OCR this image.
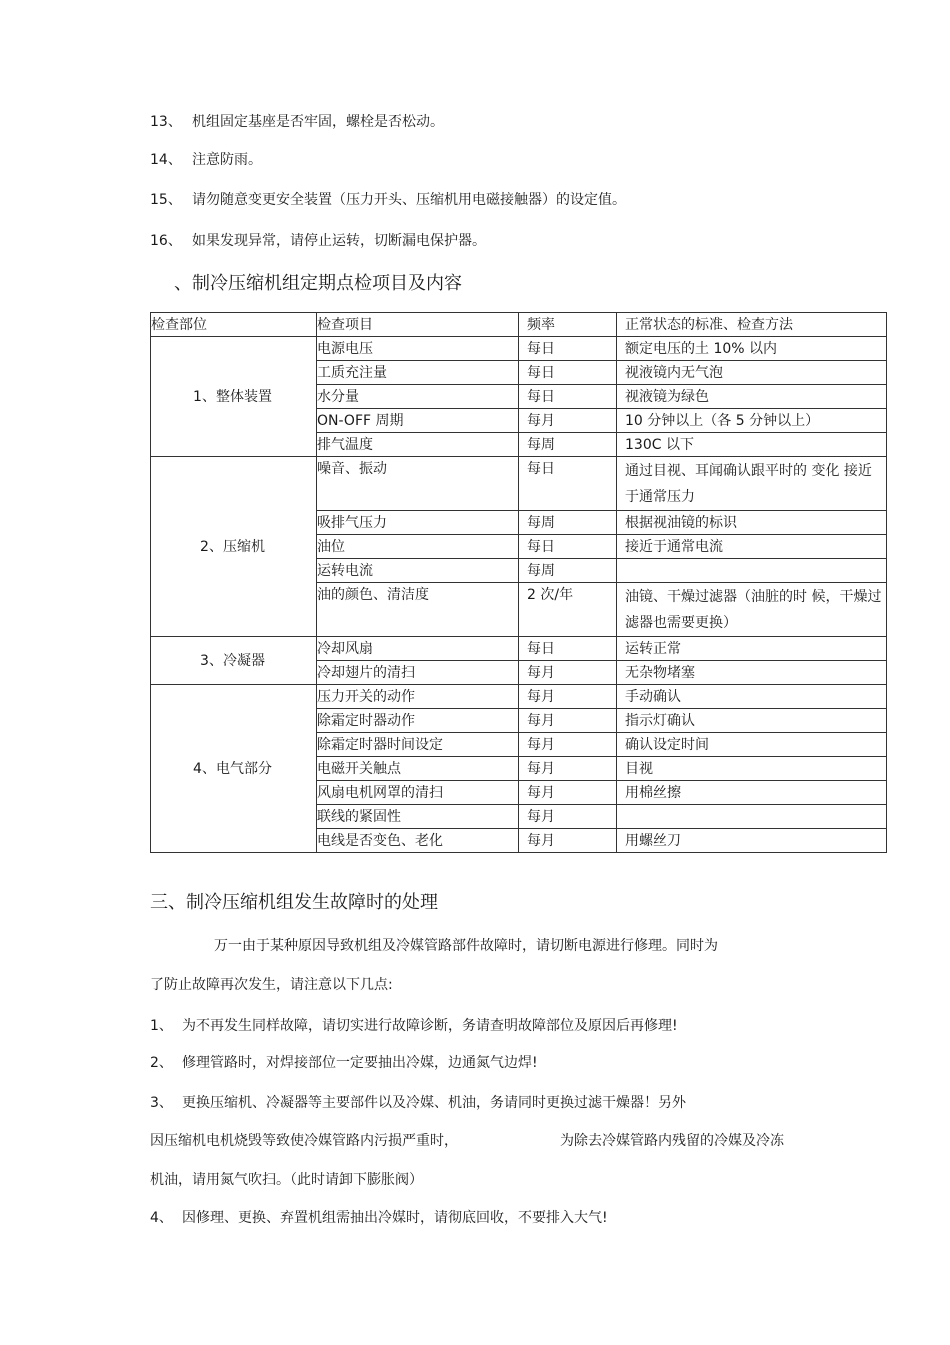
13、 机组固定基座是否牢固，螺栓是否松动。
14、 注意防雨。
15、 请勿随意变更安全装置（压力开头、压缩机用电磁接触器）的设定值。
16、 如果发现异常，请停止运转，切断漏电保护器。
、制冷压缩机组定期点检项目及内容
检查部位	检查项目	频率	正常状态的标准、检查方法
1、整体装置	电源电压	每日	额定电压的土 10% 以内
	工质充注量	每日	视液镜内无气泡
	水分量	每日	视液镜为绿色
	ON-OFF 周期	每月	10 分钟以上（各 5 分钟以上）
	排气温度	每周	130C 以下
2、压缩机	噪音、振动	每日	通过目视、耳闻确认跟平时的 变化 接近于通常压力
	吸排气压力	每周	根据视油镜的标识
	油位	每日	接近于通常电流
	运转电流	每周	
	油的颜色、清洁度	2 次/年	油镜、干燥过滤器（油脏的时 候，干燥过滤器也需要更换）
3、冷凝器	冷却风扇	每日	运转正常
	冷却翅片的清扫	每月	无杂物堵塞
4、电气部分	压力开关的动作	每月	手动确认
	除霜定时器动作	每月	指示灯确认
	除霜定时器时间设定	每月	确认设定时间
	电磁开关触点	每月	目视
	风扇电机网罩的清扫	每月	用棉丝擦
	联线的紧固性	每月	
	电线是否变色、老化	每月	用螺丝刀
三、制冷压缩机组发生故障时的处理
万一由于某种原因导致机组及冷媒管路部件故障时，请切断电源进行修理。同时为
了防止故障再次发生，请注意以下几点:
1、 为不再发生同样故障，请切实进行故障诊断，务请查明故障部位及原因后再修理!
2、 修理管路时，对焊接部位一定要抽出冷媒，边通氮气边焊!
3、 更换压缩机、冷凝器等主要部件以及冷媒、机油，务请同时更换过滤干燥器！另外
因压缩机电机烧毁等致使冷媒管路内污损严重时，	为除去冷媒管路内残留的冷媒及冷冻
机油，请用氮气吹扫。（此时请卸下膨胀阀）
4、 因修理、更换、弃置机组需抽出冷媒时，请彻底回收，不要排入大气!
